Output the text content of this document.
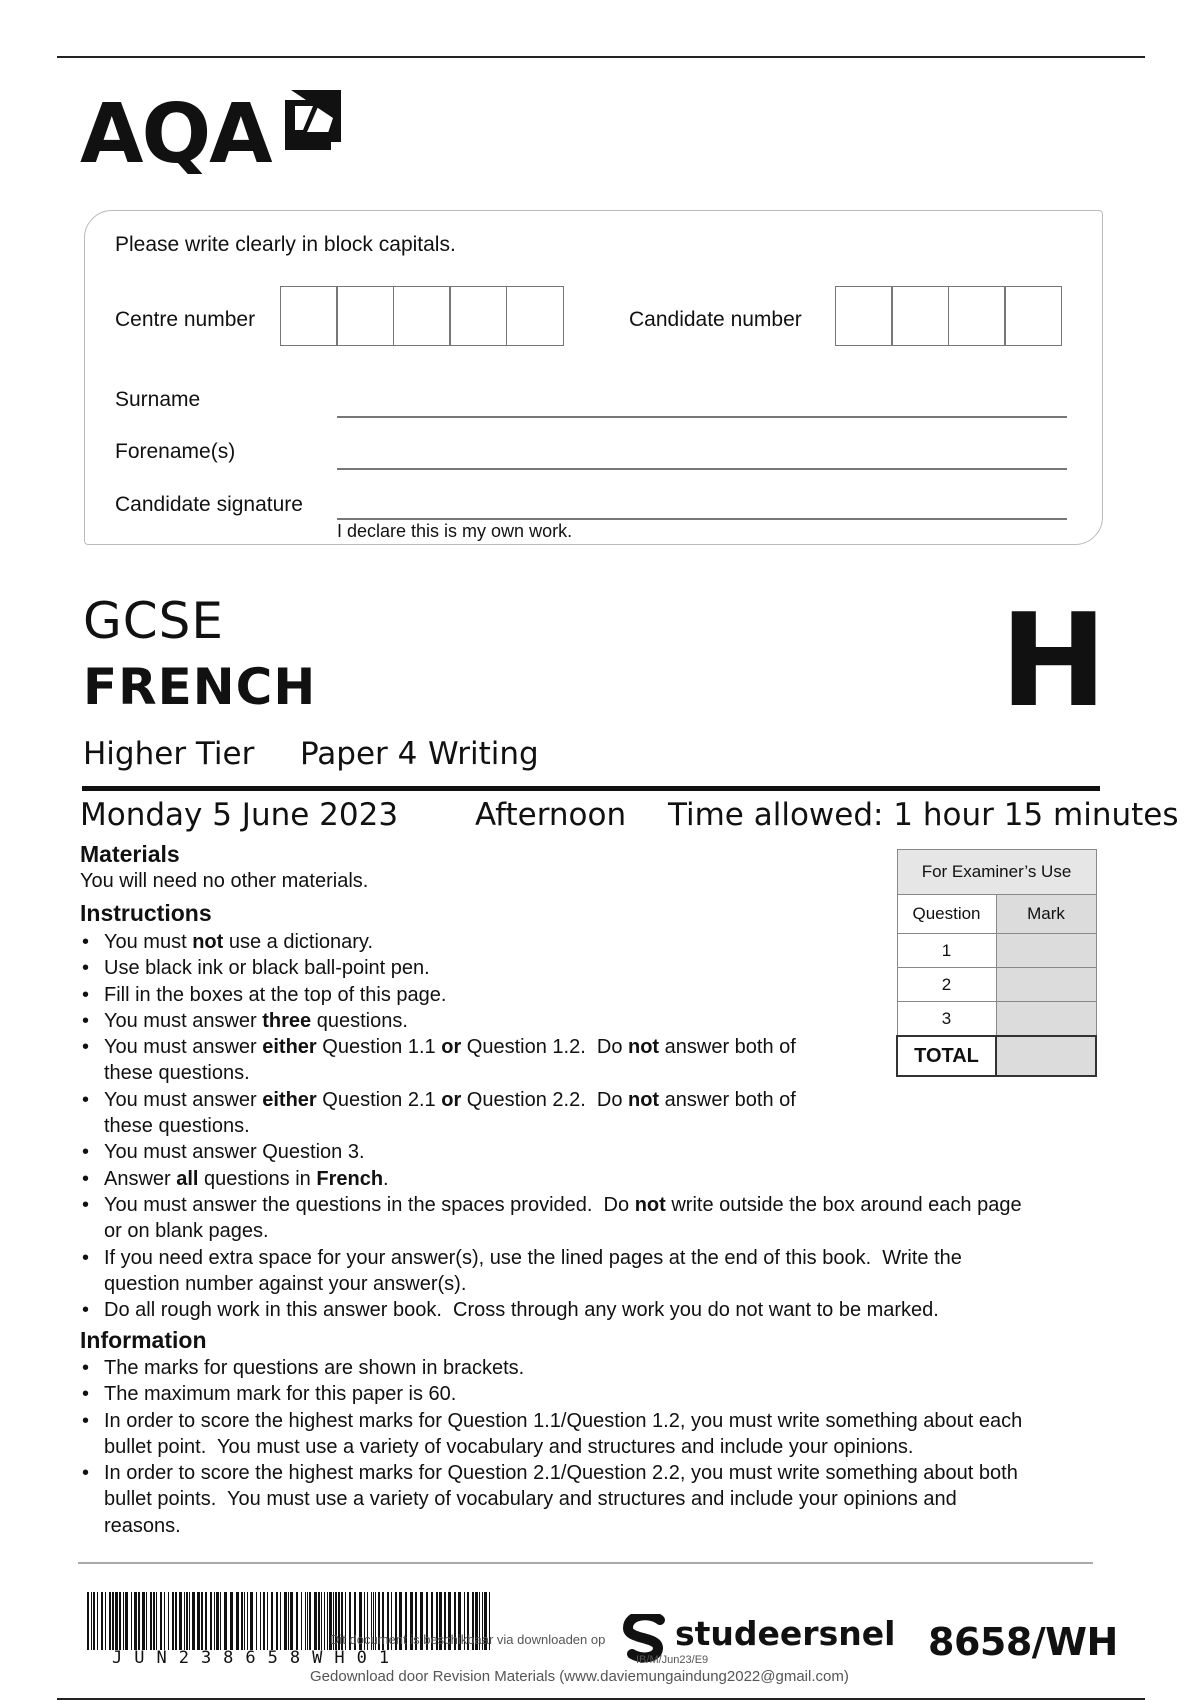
AQA
Please write clearly in block capitals.
Centre number	Candidate number
Surname
Forename(s)
Candidate signature
I declare this is my own work.
GCSE
FRENCH	H
Higher Tier Paper 4 Writing
Monday 5 June 2023 Afternoon Time allowed: 1 hour 15 minutes
Materials
You will need no other materials.
Instructions
• You must not use a dictionary.
• Use black ink or black ball-point pen.
• Fill in the boxes at the top of this page.
• You must answer three questions.
• You must answer either Question 1.1 or Question 1.2.  Do not answer both of
these questions.
• You must answer either Question 2.1 or Question 2.2.  Do not answer both of
these questions.
• You must answer Question 3.
• Answer all questions in French.
• You must answer the questions in the spaces provided.  Do not write outside the box around each page
or on blank pages.
• If you need extra space for your answer(s), use the lined pages at the end of this book.  Write the
question number against your answer(s).
• Do all rough work in this answer book.  Cross through any work you do not want to be marked.
Information
• The marks for questions are shown in brackets.
• The maximum mark for this paper is 60.
• In order to score the highest marks for Question 1.1/Question 1.2, you must write something about each
bullet point.  You must use a variety of vocabulary and structures and include your opinions.
• In order to score the highest marks for Question 2.1/Question 2.2, you must write something about both
bullet points.  You must use a variety of vocabulary and structures and include your opinions and
reasons.
For Examiner’s Use	
Question	Mark
1	
2	
3	
TOTAL	
JUN238658WH01
Dit document is beschikbaar via downloaden op studeersnel
IB/M/Jun23/E9
Gedownload door Revision Materials (www.daviemungaindung2022@gmail.com)
8658/WH
